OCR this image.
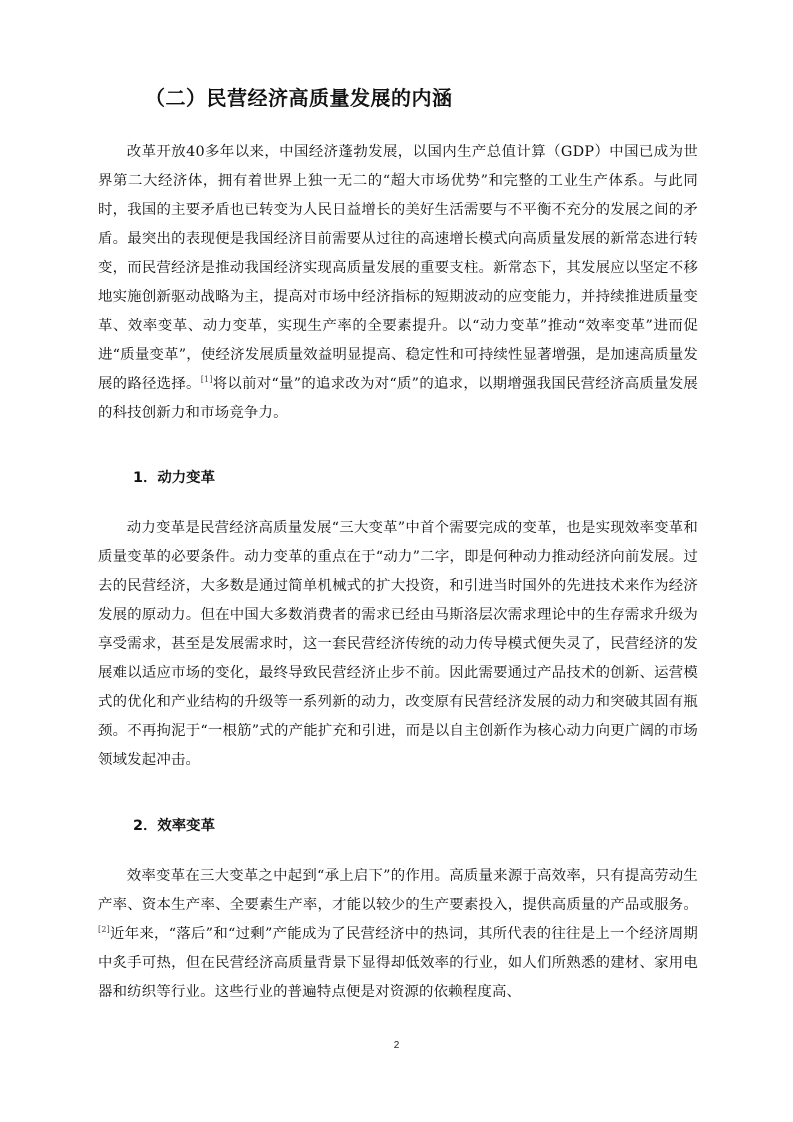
（二）民营经济高质量发展的内涵

改革开放40多年以来，中国经济蓬勃发展，以国内生产总值计算（GDP）中国已成为世界第二大经济体，拥有着世界上独一无二的“超大市场优势”和完整的工业生产体系。与此同时，我国的主要矛盾也已转变为人民日益增长的美好生活需要与不平衡不充分的发展之间的矛盾。最突出的表现便是我国经济目前需要从过往的高速增长模式向高质量发展的新常态进行转变，而民营经济是推动我国经济实现高质量发展的重要支柱。新常态下，其发展应以坚定不移地实施创新驱动战略为主，提高对市场中经济指标的短期波动的应变能力，并持续推进质量变革、效率变革、动力变革，实现生产率的全要素提升。以“动力变革”推动“效率变革”进而促进“质量变革”，使经济发展质量效益明显提高、稳定性和可持续性显著增强，是加速高质量发展的路径选择。[1]将以前对“量”的追求改为对“质”的追求，以期增强我国民营经济高质量发展的科技创新力和市场竞争力。

1．动力变革

动力变革是民营经济高质量发展“三大变革”中首个需要完成的变革，也是实现效率变革和质量变革的必要条件。动力变革的重点在于“动力”二字，即是何种动力推动经济向前发展。过去的民营经济，大多数是通过简单机械式的扩大投资，和引进当时国外的先进技术来作为经济发展的原动力。但在中国大多数消费者的需求已经由马斯洛层次需求理论中的生存需求升级为享受需求，甚至是发展需求时，这一套民营经济传统的动力传导模式便失灵了，民营经济的发展难以适应市场的变化，最终导致民营经济止步不前。因此需要通过产品技术的创新、运营模式的优化和产业结构的升级等一系列新的动力，改变原有民营经济发展的动力和突破其固有瓶颈。不再拘泥于“一根筋”式的产能扩充和引进，而是以自主创新作为核心动力向更广阔的市场领域发起冲击。

2．效率变革

效率变革在三大变革之中起到“承上启下”的作用。高质量来源于高效率，只有提高劳动生产率、资本生产率、全要素生产率，才能以较少的生产要素投入，提供高质量的产品或服务。[2]近年来，“落后”和“过剩”产能成为了民营经济中的热词，其所代表的往往是上一个经济周期中炙手可热，但在民营经济高质量背景下显得却低效率的行业，如人们所熟悉的建材、家用电器和纺织等行业。这些行业的普遍特点便是对资源的依赖程度高、

2
